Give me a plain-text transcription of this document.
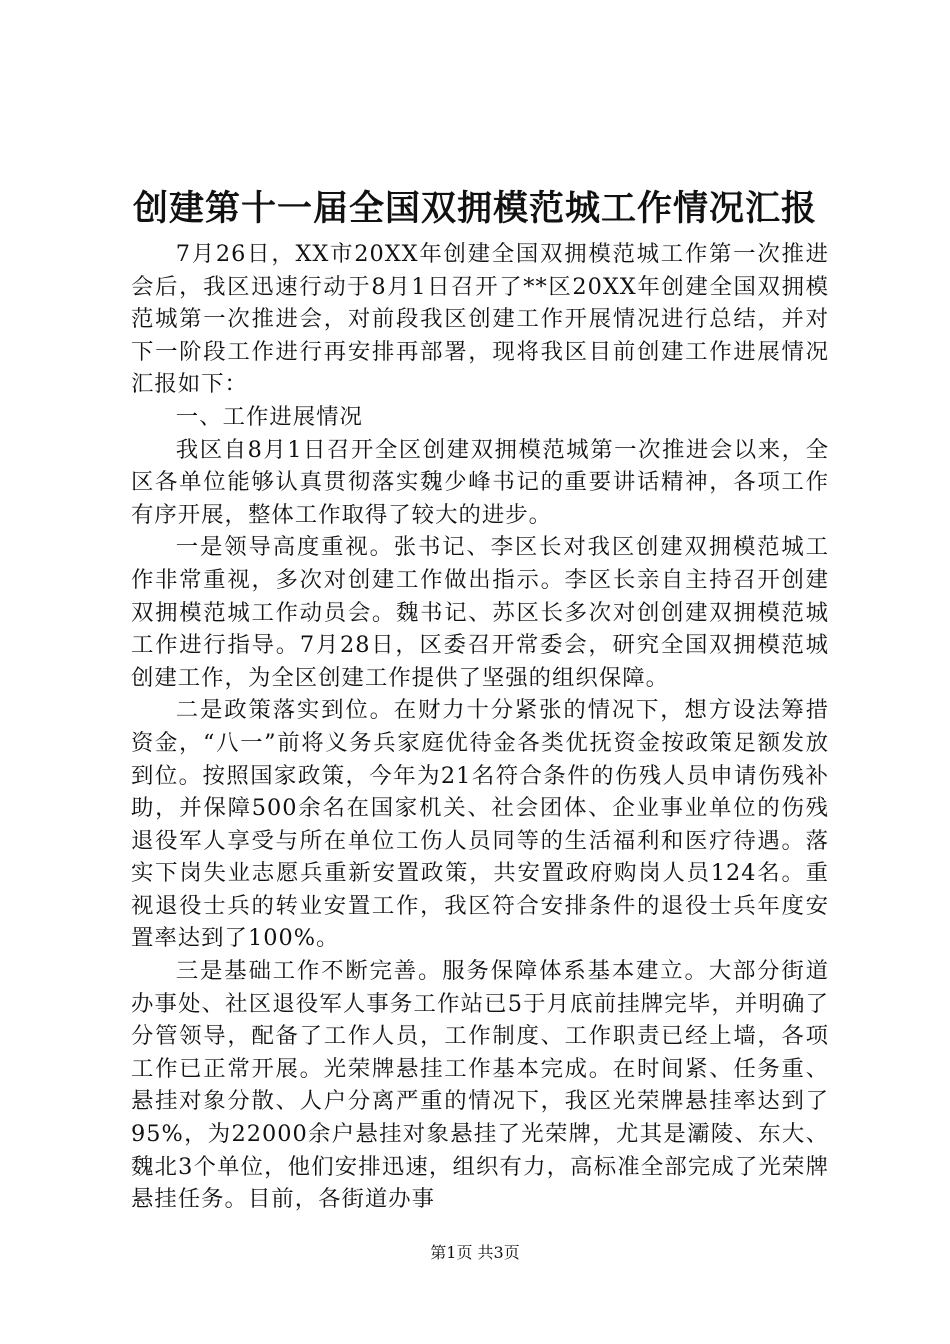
创建第十一届全国双拥模范城工作情况汇报

7月26日，XX市20XX年创建全国双拥模范城工作第一次推进会后，我区迅速行动于8月1日召开了**区20XX年创建全国双拥模范城第一次推进会，对前段我区创建工作开展情况进行总结，并对下一阶段工作进行再安排再部署，现将我区目前创建工作进展情况汇报如下：

一、工作进展情况

我区自8月1日召开全区创建双拥模范城第一次推进会以来，全区各单位能够认真贯彻落实魏少峰书记的重要讲话精神，各项工作有序开展，整体工作取得了较大的进步。

一是领导高度重视。张书记、李区长对我区创建双拥模范城工作非常重视，多次对创建工作做出指示。李区长亲自主持召开创建双拥模范城工作动员会。魏书记、苏区长多次对创创建双拥模范城工作进行指导。7月28日，区委召开常委会，研究全国双拥模范城创建工作，为全区创建工作提供了坚强的组织保障。

二是政策落实到位。在财力十分紧张的情况下，想方设法筹措资金，“八一”前将义务兵家庭优待金各类优抚资金按政策足额发放到位。按照国家政策，今年为21名符合条件的伤残人员申请伤残补助，并保障500余名在国家机关、社会团体、企业事业单位的伤残退役军人享受与所在单位工伤人员同等的生活福利和医疗待遇。落实下岗失业志愿兵重新安置政策，共安置政府购岗人员124名。重视退役士兵的转业安置工作，我区符合安排条件的退役士兵年度安置率达到了100%。

三是基础工作不断完善。服务保障体系基本建立。大部分街道办事处、社区退役军人事务工作站已5于月底前挂牌完毕，并明确了分管领导，配备了工作人员，工作制度、工作职责已经上墙，各项工作已正常开展。光荣牌悬挂工作基本完成。在时间紧、任务重、悬挂对象分散、人户分离严重的情况下，我区光荣牌悬挂率达到了95%，为22000余户悬挂对象悬挂了光荣牌，尤其是灞陵、东大、魏北3个单位，他们安排迅速，组织有力，高标准全部完成了光荣牌悬挂任务。目前，各街道办事

第1页 共3页
